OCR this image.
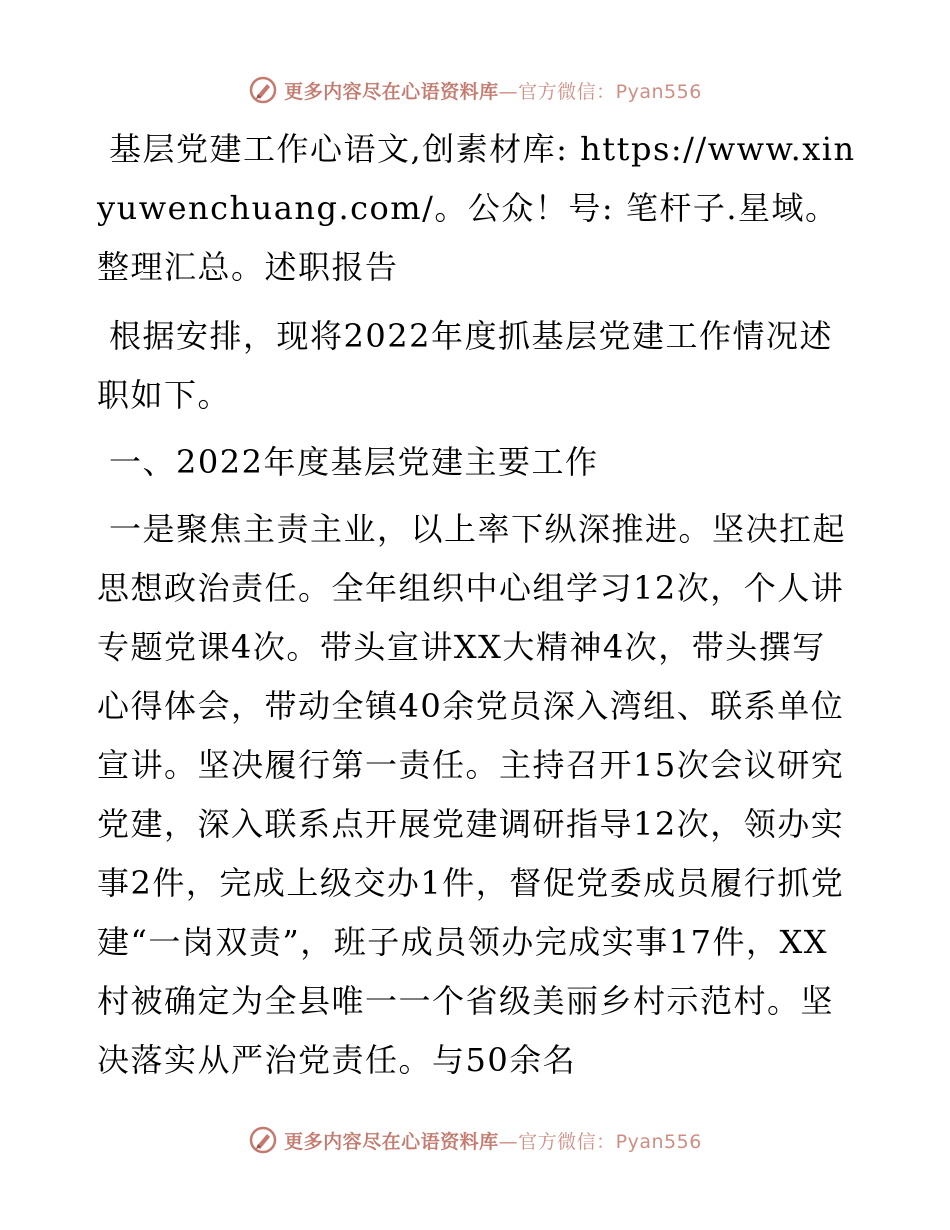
更多内容尽在心语资料库—官方微信：Pyan556

基层党建工作心语文,创素材库: https://www.xinyuwenchuang.com/。公众！号: 笔杆子.星域。整理汇总。述职报告

根据安排，现将2022年度抓基层党建工作情况述职如下。

一、2022年度基层党建主要工作

一是聚焦主责主业，以上率下纵深推进。坚决扛起思想政治责任。全年组织中心组学习12次，个人讲专题党课4次。带头宣讲XX大精神4次，带头撰写心得体会，带动全镇40余党员深入湾组、联系单位宣讲。坚决履行第一责任。主持召开15次会议研究党建，深入联系点开展党建调研指导12次，领办实事2件，完成上级交办1件，督促党委成员履行抓党建“一岗双责”，班子成员领办完成实事17件，XX村被确定为全县唯一一个省级美丽乡村示范村。坚决落实从严治党责任。与50余名

更多内容尽在心语资料库—官方微信：Pyan556
